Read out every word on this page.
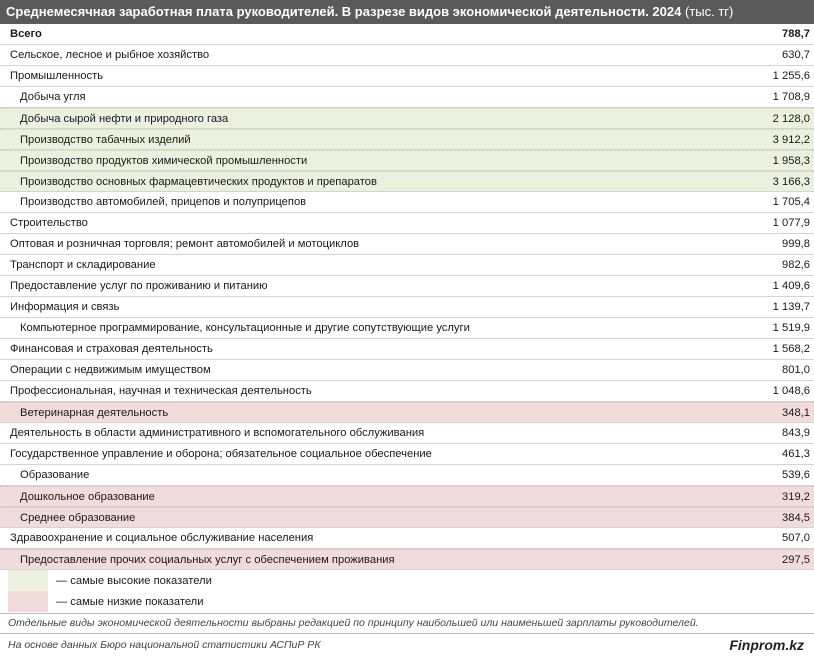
Среднемесячная заработная плата руководителей. В разрезе видов экономической деятельности. 2024 (тыс. тг)
Всего	788,7
Сельское, лесное и рыбное хозяйство	630,7
Промышленность	1 255,6
Добыча угля	1 708,9
Добыча сырой нефти и природного газа	2 128,0
Производство табачных изделий	3 912,2
Производство продуктов химической промышленности	1 958,3
Производство основных фармацевтических продуктов и препаратов	3 166,3
Производство автомобилей, прицепов и полуприцепов	1 705,4
Строительство	1 077,9
Оптовая и розничная торговля; ремонт автомобилей и мотоциклов	999,8
Транспорт и складирование	982,6
Предоставление услуг по проживанию и питанию	1 409,6
Информация и связь	1 139,7
Компьютерное программирование, консультационные и другие сопутствующие услуги	1 519,9
Финансовая и страховая деятельность	1 568,2
Операции с недвижимым имуществом	801,0
Профессиональная, научная и техническая деятельность	1 048,6
Ветеринарная деятельность	348,1
Деятельность в области административного и вспомогательного обслуживания	843,9
Государственное управление и оборона; обязательное социальное обеспечение	461,3
Образование	539,6
Дошкольное образование	319,2
Среднее образование	384,5
Здравоохранение и социальное обслуживание населения	507,0
Предоставление прочих социальных услуг с обеспечением проживания	297,5
— самые высокие показатели
— самые низкие показатели
Отдельные виды экономической деятельности выбраны редакцией по принципу наибольшей или наименьшей зарплаты руководителей.
На основе данных Бюро национальной статистики АСПиР РК	Finprom.kz
